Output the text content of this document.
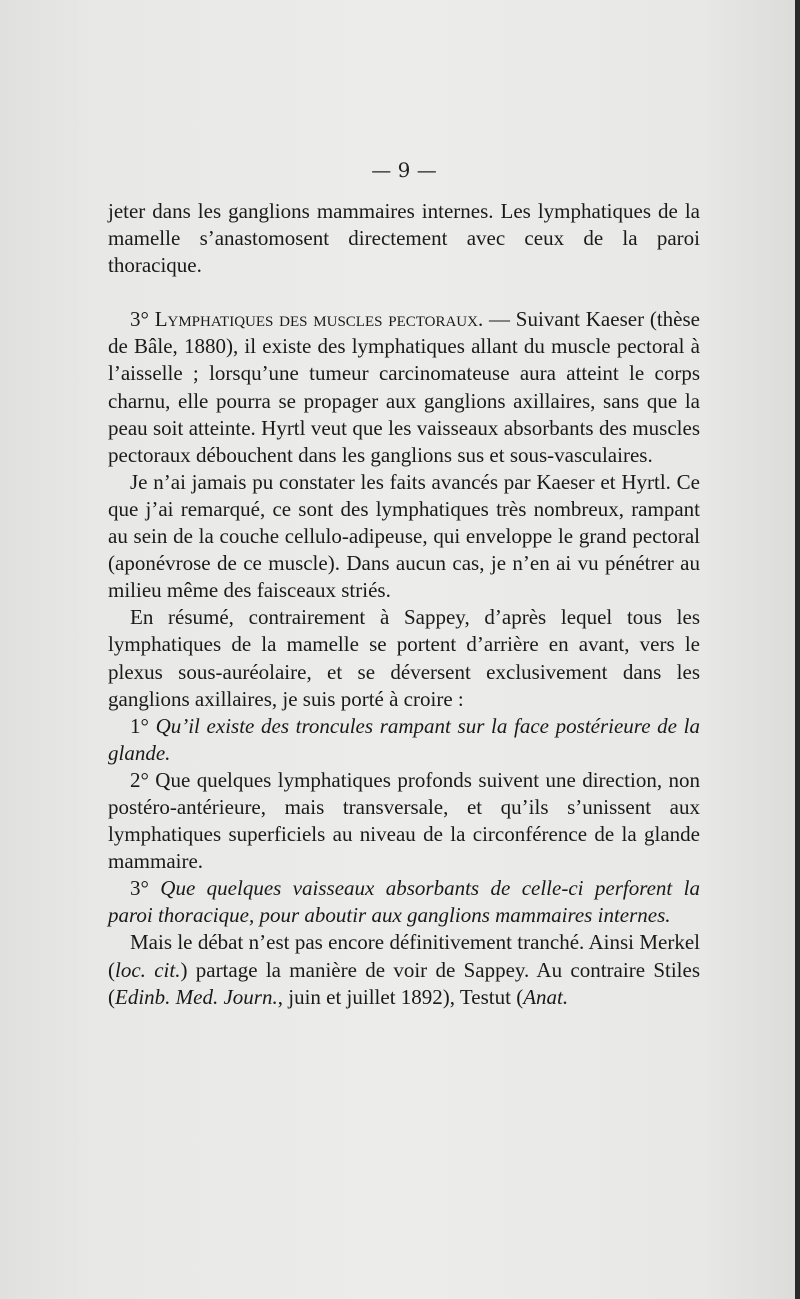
— 9 —

jeter dans les ganglions mammaires internes. Les lymphatiques de la mamelle s’anastomosent directement avec ceux de la paroi thoracique.

3° Lymphatiques des muscles pectoraux. — Suivant Kaeser (thèse de Bâle, 1880), il existe des lymphatiques allant du muscle pectoral à l’aisselle ; lorsqu’une tumeur carcinomateuse aura atteint le corps charnu, elle pourra se propager aux ganglions axillaires, sans que la peau soit atteinte. Hyrtl veut que les vaisseaux absorbants des muscles pectoraux débouchent dans les ganglions sus et sous-vasculaires.

Je n’ai jamais pu constater les faits avancés par Kaeser et Hyrtl. Ce que j’ai remarqué, ce sont des lymphatiques très nombreux, rampant au sein de la couche cellulo-adipeuse, qui enveloppe le grand pectoral (aponévrose de ce muscle). Dans aucun cas, je n’en ai vu pénétrer au milieu même des faisceaux striés.

En résumé, contrairement à Sappey, d’après lequel tous les lymphatiques de la mamelle se portent d’arrière en avant, vers le plexus sous-auréolaire, et se déversent exclusivement dans les ganglions axillaires, je suis porté à croire :

1° Qu’il existe des troncules rampant sur la face postérieure de la glande.

2° Que quelques lymphatiques profonds suivent une direction, non postéro-antérieure, mais transversale, et qu’ils s’unissent aux lymphatiques superficiels au niveau de la circonférence de la glande mammaire.

3° Que quelques vaisseaux absorbants de celle-ci perforent la paroi thoracique, pour aboutir aux ganglions mammaires internes.

Mais le débat n’est pas encore définitivement tranché. Ainsi Merkel (loc. cit.) partage la manière de voir de Sappey. Au contraire Stiles (Edinb. Med. Journ., juin et juillet 1892), Testut (Anat.
